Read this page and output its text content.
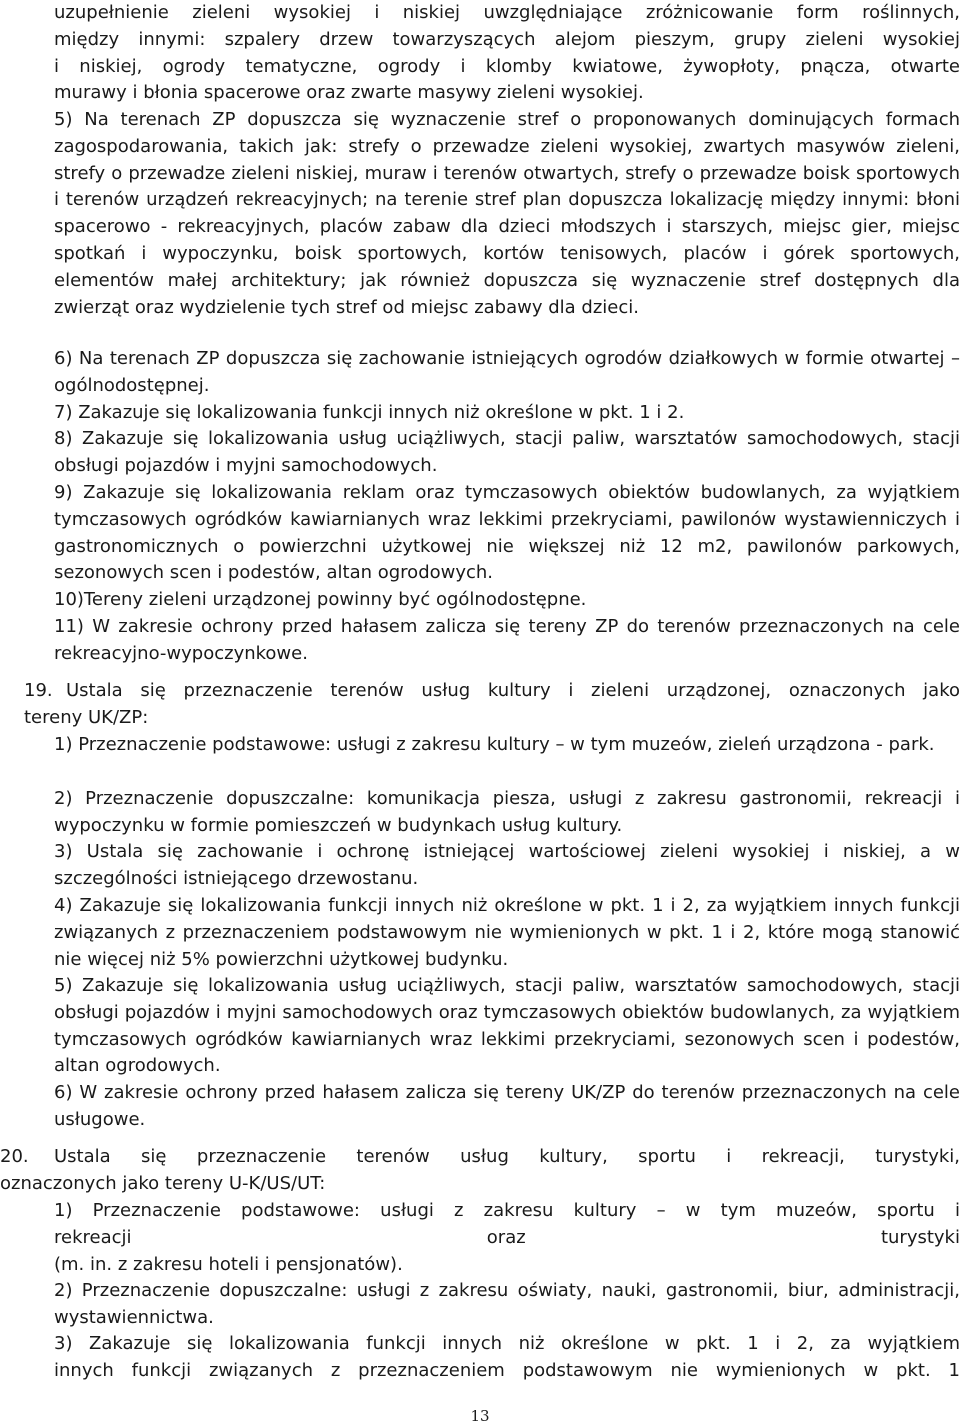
uzupełnienie zieleni wysokiej i niskiej uwzględniające zróżnicowanie form roślinnych,
między innymi: szpalery drzew towarzyszących alejom pieszym, grupy zieleni wysokiej
i niskiej, ogrody tematyczne, ogrody i klomby kwiatowe, żywopłoty, pnącza, otwarte
murawy i błonia spacerowe oraz zwarte masywy zieleni wysokiej.
5) Na terenach ZP dopuszcza się wyznaczenie stref o proponowanych dominujących formach zagospodarowania, takich jak: strefy o przewadze zieleni wysokiej, zwartych masywów zieleni, strefy o przewadze zieleni niskiej, muraw i terenów otwartych, strefy o przewadze boisk sportowych i terenów urządzeń rekreacyjnych; na terenie stref plan dopuszcza lokalizację między innymi: błoni spacerowo - rekreacyjnych, placów zabaw dla dzieci młodszych i starszych, miejsc gier, miejsc spotkań i wypoczynku, boisk sportowych, kortów tenisowych, placów i górek sportowych, elementów małej architektury; jak również dopuszcza się wyznaczenie stref dostępnych dla zwierząt oraz wydzielenie tych stref od miejsc zabawy dla dzieci.
6) Na terenach ZP dopuszcza się zachowanie istniejących ogrodów działkowych w formie otwartej – ogólnodostępnej.
7) Zakazuje się lokalizowania funkcji innych niż określone w pkt. 1 i 2.
8) Zakazuje się lokalizowania usług uciążliwych, stacji paliw, warsztatów samochodowych, stacji obsługi pojazdów i myjni samochodowych.
9) Zakazuje się lokalizowania reklam oraz tymczasowych obiektów budowlanych, za wyjątkiem tymczasowych ogródków kawiarnianych wraz lekkimi przekryciami, pawilonów wystawienniczych i gastronomicznych o powierzchni użytkowej nie większej niż 12 m2, pawilonów parkowych, sezonowych scen i podestów, altan ogrodowych.
10)Tereny zieleni urządzonej powinny być ogólnodostępne.
11) W zakresie ochrony przed hałasem zalicza się tereny ZP do terenów przeznaczonych na cele rekreacyjno-wypoczynkowe.
19. Ustala się przeznaczenie terenów usług kultury i zieleni urządzonej, oznaczonych jako
tereny UK/ZP:
1) Przeznaczenie podstawowe: usługi z zakresu kultury – w tym muzeów, zieleń urządzona - park.
2) Przeznaczenie dopuszczalne: komunikacja piesza, usługi z zakresu gastronomii, rekreacji i wypoczynku w formie pomieszczeń w budynkach usług kultury.
3) Ustala się zachowanie i ochronę istniejącej wartościowej zieleni wysokiej i niskiej, a w szczególności istniejącego drzewostanu.
4) Zakazuje się lokalizowania funkcji innych niż określone w pkt. 1 i 2, za wyjątkiem innych funkcji związanych z przeznaczeniem podstawowym nie wymienionych w pkt. 1 i 2, które mogą stanowić nie więcej niż 5% powierzchni użytkowej budynku.
5) Zakazuje się lokalizowania usług uciążliwych, stacji paliw, warsztatów samochodowych, stacji obsługi pojazdów i myjni samochodowych oraz tymczasowych obiektów budowlanych, za wyjątkiem tymczasowych ogródków kawiarnianych wraz lekkimi przekryciami, sezonowych scen i podestów, altan ogrodowych.
6) W zakresie ochrony przed hałasem zalicza się tereny UK/ZP do terenów przeznaczonych na cele usługowe.
20. Ustala się przeznaczenie terenów usług kultury, sportu i rekreacji, turystyki,
oznaczonych jako tereny U-K/US/UT:
1) Przeznaczenie podstawowe: usługi z zakresu kultury – w tym muzeów, sportu i
rekreacji oraz turystyki
(m. in. z zakresu hoteli i pensjonatów).
2) Przeznaczenie dopuszczalne: usługi z zakresu oświaty, nauki, gastronomii, biur, administracji, wystawiennictwa.
3) Zakazuje się lokalizowania funkcji innych niż określone w pkt. 1 i 2, za wyjątkiem
innych funkcji związanych z przeznaczeniem podstawowym nie wymienionych w pkt. 1
13
